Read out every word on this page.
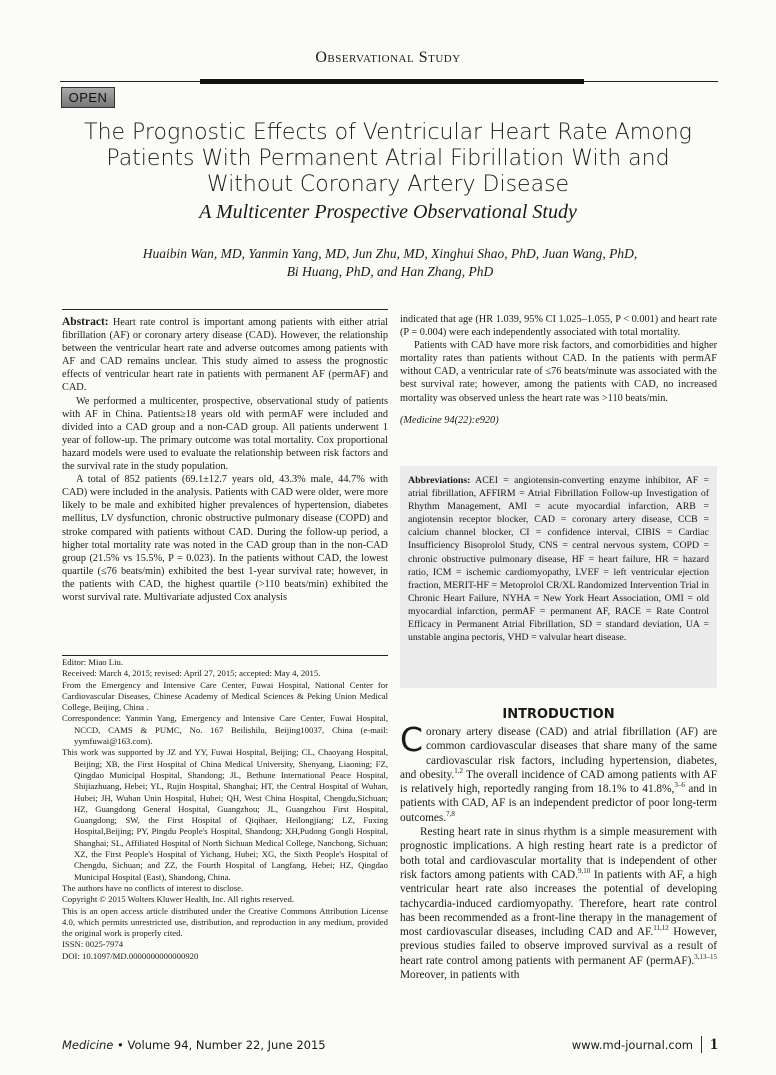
Observational Study
OPEN
The Prognostic Effects of Ventricular Heart Rate Among
Patients With Permanent Atrial Fibrillation With and
Without Coronary Artery Disease
A Multicenter Prospective Observational Study
Huaibin Wan, MD, Yanmin Yang, MD, Jun Zhu, MD, Xinghui Shao, PhD, Juan Wang, PhD,
Bi Huang, PhD, and Han Zhang, PhD

Abstract: Heart rate control is important among patients with either atrial fibrillation (AF) or coronary artery disease (CAD). However, the relationship between the ventricular heart rate and adverse outcomes among patients with AF and CAD remains unclear. This study aimed to assess the prognostic effects of ventricular heart rate in patients with permanent AF (permAF) and CAD.

We performed a multicenter, prospective, observational study of patients with AF in China. Patients≥18 years old with permAF were included and divided into a CAD group and a non-CAD group. All patients underwent 1 year of follow-up. The primary outcome was total mortality. Cox proportional hazard models were used to evaluate the relationship between risk factors and the survival rate in the study population.

A total of 852 patients (69.1±12.7 years old, 43.3% male, 44.7% with CAD) were included in the analysis. Patients with CAD were older, were more likely to be male and exhibited higher prevalences of hypertension, diabetes mellitus, LV dysfunction, chronic obstructive pulmonary disease (COPD) and stroke compared with patients without CAD. During the follow-up period, a higher total mortality rate was noted in the CAD group than in the non-CAD group (21.5% vs 15.5%, P = 0.023). In the patients without CAD, the lowest quartile (≤76 beats/min) exhibited the best 1-year survival rate; however, in the patients with CAD, the highest quartile (>110 beats/min) exhibited the worst survival rate. Multivariate adjusted Cox analysis

Editor: Miao Liu.

Received: March 4, 2015; revised: April 27, 2015; accepted: May 4, 2015.

From the Emergency and Intensive Care Center, Fuwai Hospital, National Center for Cardiovascular Diseases, Chinese Academy of Medical Sciences & Peking Union Medical College, Beijing, China .

Correspondence: Yanmin Yang, Emergency and Intensive Care Center, Fuwai Hospital, NCCD, CAMS & PUMC, No. 167 Beilishilu, Beijing10037, China (e-mail: yymfuwai@163.com).

This work was supported by JZ and YY, Fuwai Hospital, Beijing; CL, Chaoyang Hospital, Beijing; XB, the First Hospital of China Medical University, Shenyang, Liaoning; FZ, Qingdao Municipal Hospital, Shandong; JL, Bethune International Peace Hospital, Shijiazhuang, Hebei; YL, Rujin Hospital, Shanghai; HT, the Central Hospital of Wuhan, Hubei; JH, Wuhan Unin Hospital, Hubei; QH, West China Hospital, Chengdu,Sichuan; HZ, Guangdong General Hospital, Guangzhou; JL, Guangzhou First Hospital, Guangdong; SW, the First Hospital of Qiqihaer, Heilongjiang; LZ, Fuxing Hospital,Beijing; PY, Pingdu People's Hospital, Shandong; XH,Pudong Gongli Hospital, Shanghai; SL, Affiliated Hospital of North Sichuan Medical College, Nanchong, Sichuan; XZ, the First People's Hospital of Yichang, Hubei; XG, the Sixth People's Hospital of Chengdu, Sichuan; and ZZ, the Fourth Hospital of Langfang, Hebei; HZ, Qingdao Municipal Hospital (East), Shandong, China.

The authors have no conflicts of interest to disclose.

Copyright © 2015 Wolters Kluwer Health, Inc. All rights reserved.

This is an open access article distributed under the Creative Commons Attribution License 4.0, which permits unrestricted use, distribution, and reproduction in any medium, provided the original work is properly cited.

ISSN: 0025-7974

DOI: 10.1097/MD.0000000000000920

indicated that age (HR 1.039, 95% CI 1.025–1.055, P < 0.001) and heart rate (P = 0.004) were each independently associated with total mortality.

Patients with CAD have more risk factors, and comorbidities and higher mortality rates than patients without CAD. In the patients with permAF without CAD, a ventricular rate of ≤76 beats/minute was associated with the best survival rate; however, among the patients with CAD, no increased mortality was observed unless the heart rate was >110 beats/min.

(Medicine 94(22):e920)

Abbreviations: ACEI = angiotensin-converting enzyme inhibitor, AF = atrial fibrillation, AFFIRM = Atrial Fibrillation Follow-up Investigation of Rhythm Management, AMI = acute myocardial infarction, ARB = angiotensin receptor blocker, CAD = coronary artery disease, CCB = calcium channel blocker, CI = confidence interval, CIBIS = Cardiac Insufficiency Bisoprolol Study, CNS = central nervous system, COPD = chronic obstructive pulmonary disease, HF = heart failure, HR = hazard ratio, ICM = ischemic cardiomyopathy, LVEF = left ventricular ejection fraction, MERIT-HF = Metoprolol CR/XL Randomized Intervention Trial in Chronic Heart Failure, NYHA = New York Heart Association, OMI = old myocardial infarction, permAF = permanent AF, RACE = Rate Control Efficacy in Permanent Atrial Fibrillation, SD = standard deviation, UA = unstable angina pectoris, VHD = valvular heart disease.
INTRODUCTION

Coronary artery disease (CAD) and atrial fibrillation (AF) are common cardiovascular diseases that share many of the same cardiovascular risk factors, including hypertension, diabetes, and obesity.$^{1,2}$ The overall incidence of CAD among patients with AF is relatively high, reportedly ranging from 18.1% to 41.8%,$^{3-6}$ and in patients with CAD, AF is an independent predictor of poor long-term outcomes.$^{7,8}$

Resting heart rate in sinus rhythm is a simple measurement with prognostic implications. A high resting heart rate is a predictor of both total and cardiovascular mortality that is independent of other risk factors among patients with CAD.$^{9,10}$ In patients with AF, a high ventricular heart rate also increases the potential of developing tachycardia-induced cardiomyopathy. Therefore, heart rate control has been recommended as a front-line therapy in the management of most cardiovascular diseases, including CAD and AF.$^{11,12}$ However, previous studies failed to observe improved survival as a result of heart rate control among patients with permanent AF (permAF).$^{3,13-15}$ Moreover, in patients with

Medicine • Volume 94, Number 22, June 2015	www.md-journal.com 1
